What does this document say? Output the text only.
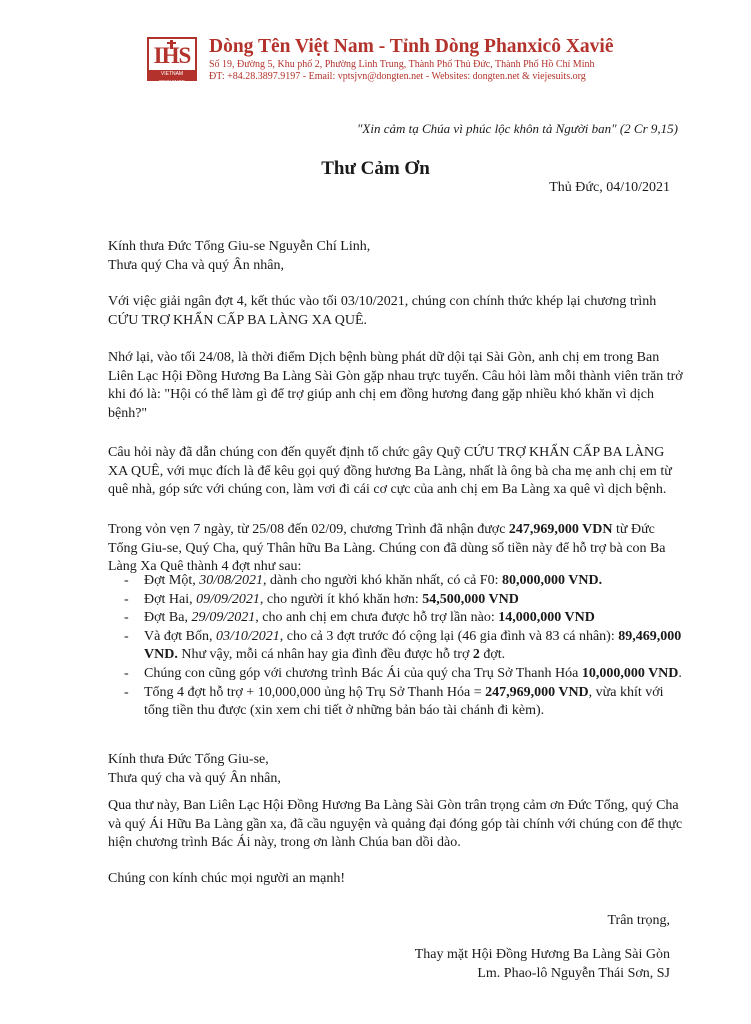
IHS
VIETNAM PROVINCE
Dòng Tên Việt Nam - Tỉnh Dòng Phanxicô Xaviê
Số 19, Đường 5, Khu phố 2, Phường Linh Trung, Thành Phố Thủ Đức, Thành Phố Hồ Chí Minh
ĐT: +84.28.3897.9197 - Email: vptsjvn@dongten.net - Websites: dongten.net & viejesuits.org
"Xin cảm tạ Chúa vì phúc lộc khôn tả Người ban" (2 Cr 9,15)
Thư Cảm Ơn
Thủ Đức, 04/10/2021

Kính thưa Đức Tổng Giu-se Nguyễn Chí Linh,

Thưa quý Cha và quý Ân nhân,

Với việc giải ngân đợt 4, kết thúc vào tối 03/10/2021, chúng con chính thức khép lại chương trình CỨU TRỢ KHẨN CẤP BA LÀNG XA QUÊ.

Nhớ lại, vào tối 24/08, là thời điểm Dịch bệnh bùng phát dữ dội tại Sài Gòn, anh chị em trong Ban Liên Lạc Hội Đồng Hương Ba Làng Sài Gòn gặp nhau trực tuyến. Câu hỏi làm mỗi thành viên trăn trở khi đó là: "Hội có thể làm gì để trợ giúp anh chị em đồng hương đang gặp nhiều khó khăn vì dịch bệnh?"

Câu hỏi này đã dẫn chúng con đến quyết định tổ chức gây Quỹ CỨU TRỢ KHẨN CẤP BA LÀNG XA QUÊ, với mục đích là để kêu gọi quý đồng hương Ba Làng, nhất là ông bà cha mẹ anh chị em từ quê nhà, góp sức với chúng con, làm vơi đi cái cơ cực của anh chị em Ba Làng xa quê vì dịch bệnh.

Trong vỏn vẹn 7 ngày, từ 25/08 đến 02/09, chương Trình đã nhận được 247,969,000 VDN từ Đức Tổng Giu-se, Quý Cha, quý Thân hữu Ba Làng. Chúng con đã dùng số tiền này để hỗ trợ bà con Ba Làng Xa Quê thành 4 đợt như sau:

- Đợt Một, 30/08/2021, dành cho người khó khăn nhất, có cả F0: 80,000,000 VND.
- Đợt Hai, 09/09/2021, cho người ít khó khăn hơn: 54,500,000 VND
- Đợt Ba, 29/09/2021, cho anh chị em chưa được hỗ trợ lần nào: 14,000,000 VND
- Và đợt Bốn, 03/10/2021, cho cả 3 đợt trước đó cộng lại (46 gia đình và 83 cá nhân): 89,469,000 VND. Như vậy, mỗi cá nhân hay gia đình đều được hỗ trợ 2 đợt.
- Chúng con cũng góp với chương trình Bác Ái của quý cha Trụ Sở Thanh Hóa 10,000,000 VND.
- Tổng 4 đợt hỗ trợ + 10,000,000 ủng hộ Trụ Sở Thanh Hóa = 247,969,000 VND, vừa khít với tổng tiền thu được (xin xem chi tiết ở những bản báo tài chánh đi kèm).

Kính thưa Đức Tổng Giu-se,

Thưa quý cha và quý Ân nhân,

Qua thư này, Ban Liên Lạc Hội Đồng Hương Ba Làng Sài Gòn trân trọng cảm ơn Đức Tổng, quý Cha và quý Ái Hữu Ba Làng gần xa, đã cầu nguyện và quảng đại đóng góp tài chính với chúng con để thực hiện chương trình Bác Ái này, trong ơn lành Chúa ban dồi dào.

Chúng con kính chúc mọi người an mạnh!

Trân trọng,
Thay mặt Hội Đồng Hương Ba Làng Sài Gòn
Lm. Phao-lô Nguyễn Thái Sơn, SJ
